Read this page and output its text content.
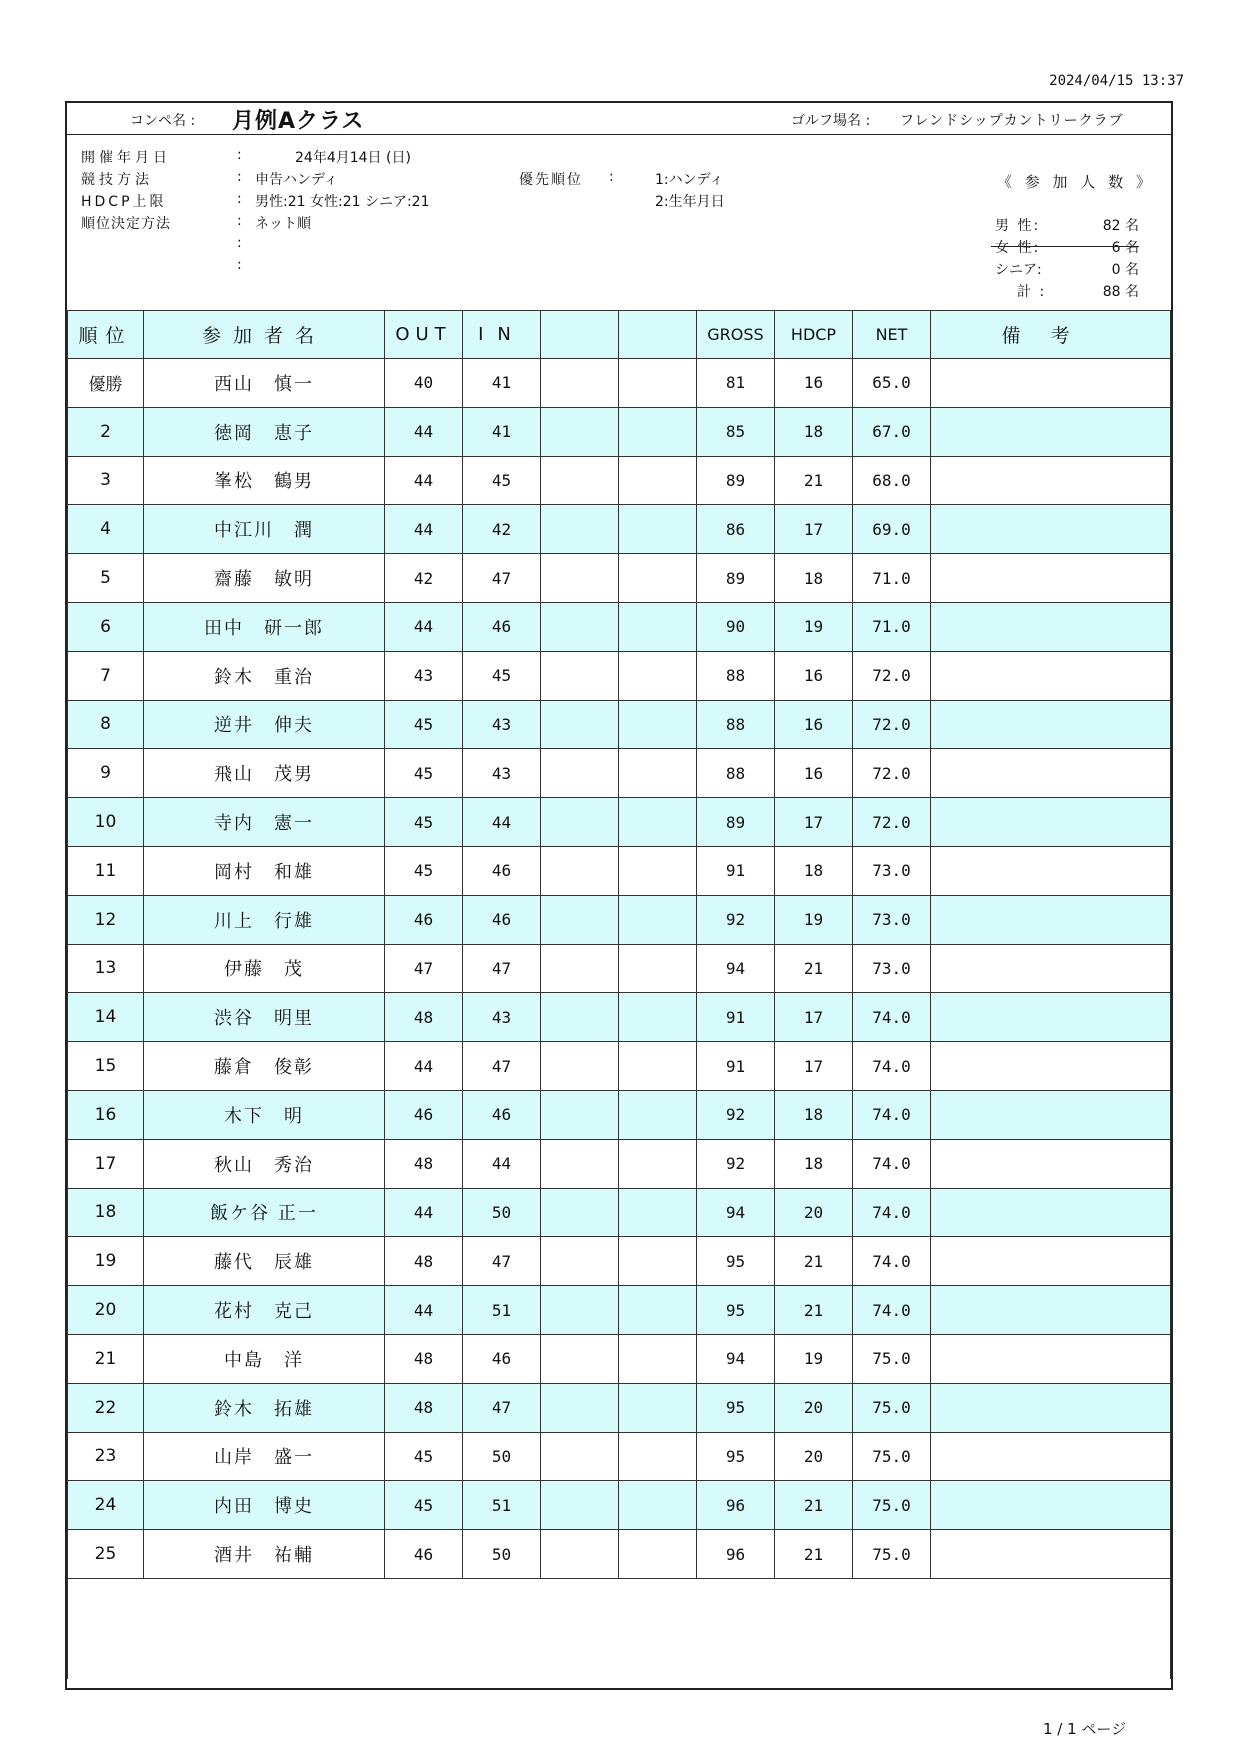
2024/04/15 13:37
コンペ名 : 月例Aクラス	ゴルフ場名 : フレンドシップカントリークラブ
開催年月日	:	24年4月14日 (日)
競技方法	: 申告ハンディ	優先順位 :	1:ハンディ
HDCP上限	: 男性:21 女性:21 シニア:21	2:生年月日
順位決定方法	: ネット順
:
:
《 参 加 人 数 》
男 性:	82 名
女 性:	6 名
シニア:	0 名
計 :	88 名
順位	参加者名	OUT	IN			GROSS	HDCP	NET	備考
優勝	西山　慎一	40	41			81	16	65.0	
2	徳岡　恵子	44	41			85	18	67.0	
3	峯松　鶴男	44	45			89	21	68.0	
4	中江川　潤	44	42			86	17	69.0	
5	齋藤　敏明	42	47			89	18	71.0	
6	田中　研一郎	44	46			90	19	71.0	
7	鈴木　重治	43	45			88	16	72.0	
8	逆井　伸夫	45	43			88	16	72.0	
9	飛山　茂男	45	43			88	16	72.0	
10	寺内　憲一	45	44			89	17	72.0	
11	岡村　和雄	45	46			91	18	73.0	
12	川上　行雄	46	46			92	19	73.0	
13	伊藤　茂	47	47			94	21	73.0	
14	渋谷　明里	48	43			91	17	74.0	
15	藤倉　俊彰	44	47			91	17	74.0	
16	木下　明	46	46			92	18	74.0	
17	秋山　秀治	48	44			92	18	74.0	
18	飯ケ谷 正一	44	50			94	20	74.0	
19	藤代　辰雄	48	47			95	21	74.0	
20	花村　克己	44	51			95	21	74.0	
21	中島　洋	48	46			94	19	75.0	
22	鈴木　拓雄	48	47			95	20	75.0	
23	山岸　盛一	45	50			95	20	75.0	
24	内田　博史	45	51			96	21	75.0	
25	酒井　祐輔	46	50			96	21	75.0	

1 / 1 ページ
